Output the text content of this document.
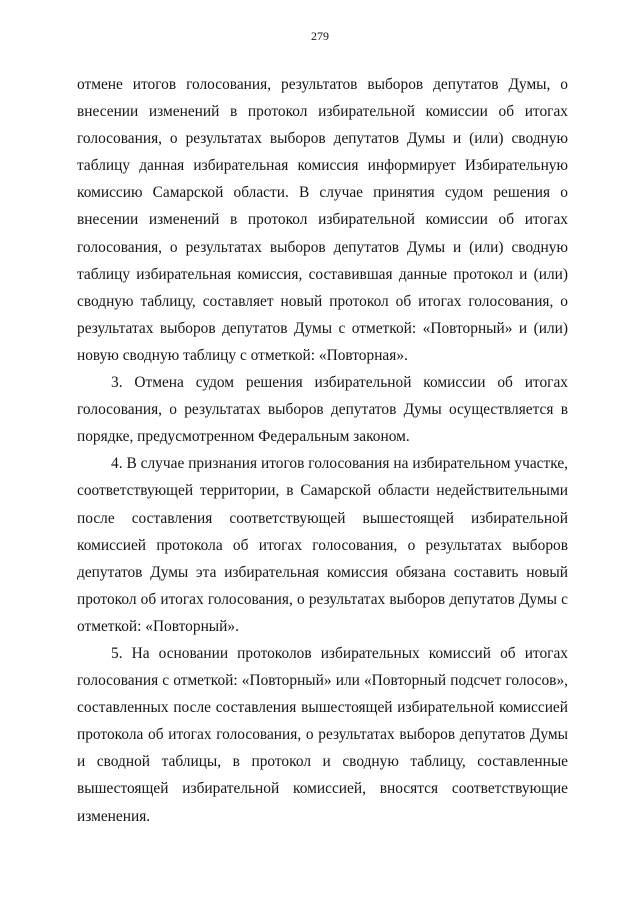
279

отмене итогов голосования, результатов выборов депутатов Думы, о внесении изменений в протокол избирательной комиссии об итогах голосования, о результатах выборов депутатов Думы и (или) сводную таблицу данная избирательная комиссия информирует Избирательную комиссию Самарской области. В случае принятия судом решения о внесении изменений в протокол избирательной комиссии об итогах голосования, о результатах выборов депутатов Думы и (или) сводную таблицу избирательная комиссия, составившая данные протокол и (или) сводную таблицу, составляет новый протокол об итогах голосования, о результатах выборов депутатов Думы с отметкой: «Повторный» и (или) новую сводную таблицу с отметкой: «Повторная».

3. Отмена судом решения избирательной комиссии об итогах голосования, о результатах выборов депутатов Думы осуществляется в порядке, предусмотренном Федеральным законом.

4. В случае признания итогов голосования на избирательном участке, соответствующей территории, в Самарской области недействительными после составления соответствующей вышестоящей избирательной комиссией протокола об итогах голосования, о результатах выборов депутатов Думы эта избирательная комиссия обязана составить новый протокол об итогах голосования, о результатах выборов депутатов Думы с отметкой: «Повторный».

5. На основании протоколов избирательных комиссий об итогах голосования с отметкой: «Повторный» или «Повторный подсчет голосов», составленных после составления вышестоящей избирательной комиссией протокола об итогах голосования, о результатах выборов депутатов Думы и сводной таблицы, в протокол и сводную таблицу, составленные вышестоящей избирательной комиссией, вносятся соответствующие изменения.
